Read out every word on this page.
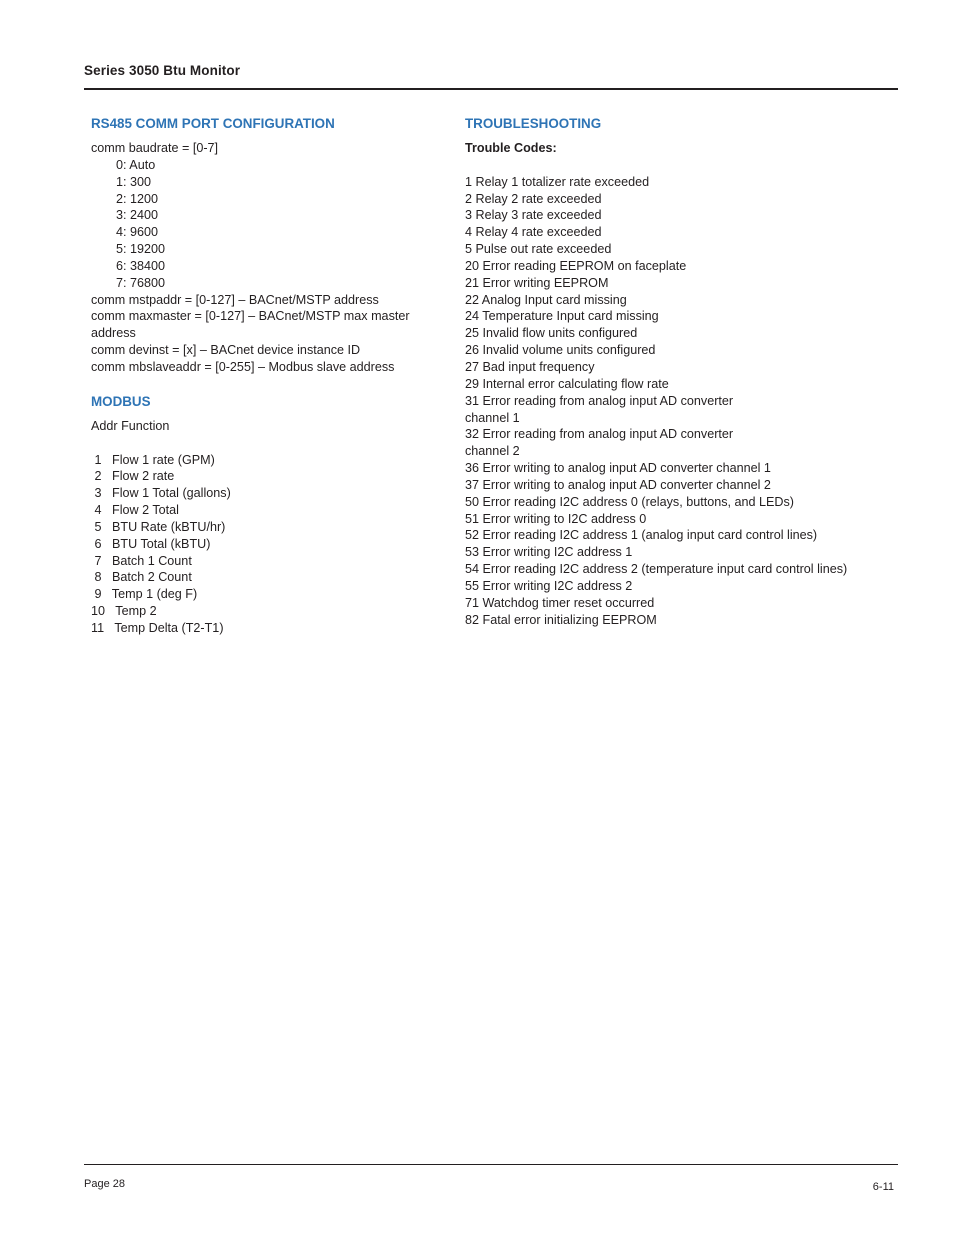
Series 3050 Btu Monitor
RS485 COMM PORT CONFIGURATION
comm baudrate = [0-7]
0: Auto
1: 300
2: 1200
3: 2400
4: 9600
5: 19200
6: 38400
7: 76800
comm mstpaddr = [0-127] – BACnet/MSTP address
comm maxmaster = [0-127] – BACnet/MSTP max master address
comm devinst = [x] – BACnet device instance ID
comm mbslaveaddr = [0-255] – Modbus slave address
MODBUS
Addr Function
1   Flow 1 rate (GPM)
2   Flow 2 rate
3   Flow 1 Total (gallons)
4   Flow 2 Total
5   BTU Rate (kBTU/hr)
6   BTU Total (kBTU)
7   Batch 1 Count
8   Batch 2 Count
9   Temp 1 (deg F)
10   Temp 2
11   Temp Delta (T2-T1)
TROUBLESHOOTING
Trouble Codes:
1 Relay 1 totalizer rate exceeded
2 Relay 2 rate exceeded
3 Relay 3 rate exceeded
4 Relay 4 rate exceeded
5 Pulse out rate exceeded
20 Error reading EEPROM on faceplate
21 Error writing EEPROM
22 Analog Input card missing
24 Temperature Input card missing
25 Invalid flow units configured
26 Invalid volume units configured
27 Bad input frequency
29 Internal error calculating flow rate
31 Error reading from analog input AD converter channel 1
32 Error reading from analog input AD converter channel 2
36 Error writing to analog input AD converter channel 1
37 Error writing to analog input AD converter channel 2
50 Error reading I2C address 0 (relays, buttons, and LEDs)
51 Error writing to I2C address 0
52 Error reading I2C address 1 (analog input card control lines)
53 Error writing I2C address 1
54 Error reading I2C address 2 (temperature input card control lines)
55 Error writing I2C address 2
71 Watchdog timer reset occurred
82 Fatal error initializing EEPROM
Page 28	6-11
